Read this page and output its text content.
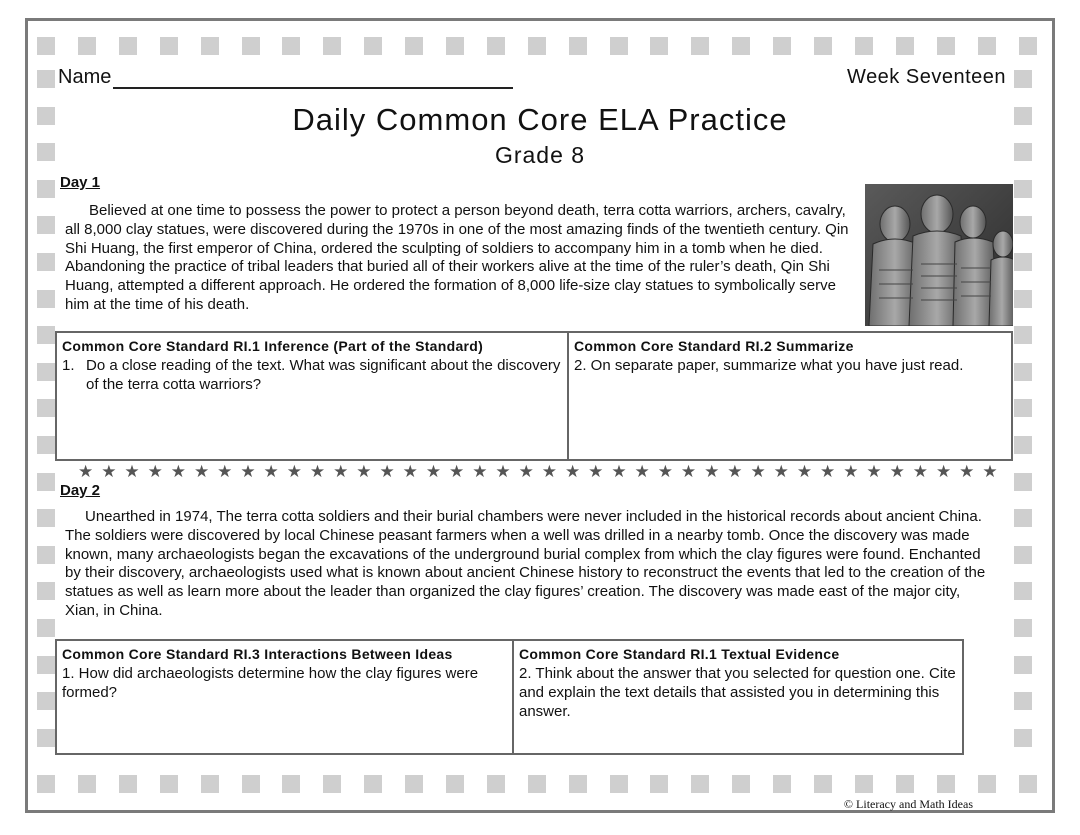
Name	Week Seventeen
Daily Common Core ELA Practice
Grade 8
Day 1

Believed at one time to possess the power to protect a person beyond death, terra cotta warriors, archers, cavalry, all 8,000 clay statues, were discovered during the 1970s in one of the most amazing finds of the twentieth century. Qin Shi Huang, the first emperor of China, ordered the sculpting of soldiers to accompany him in a tomb when he died. Abandoning the practice of tribal leaders that buried all of their workers alive at the time of the ruler’s death, Qin Shi Huang, attempted a different approach. He ordered the formation of 8,000 life-size clay statues to symbolically serve him at the time of his death.

Common Core Standard RI.1 Inference (Part of the Standard)
1. Do a close reading of the text. What was significant about the discovery of the terra cotta warriors?
Common Core Standard RI.2 Summarize
2. On separate paper, summarize what you have just read.
★ ★ ★ ★ ★ ★ ★ ★ ★ ★ ★ ★ ★ ★ ★ ★ ★ ★ ★ ★ ★ ★ ★ ★ ★ ★ ★ ★ ★ ★ ★ ★ ★ ★ ★ ★ ★ ★ ★ ★
Day 2

Unearthed in 1974, The terra cotta soldiers and their burial chambers were never included in the historical records about ancient China. The soldiers were discovered by local Chinese peasant farmers when a well was drilled in a nearby tomb. Once the discovery was made known, many archaeologists began the excavations of the underground burial complex from which the clay figures were found. Enchanted by their discovery, archaeologists used what is known about ancient Chinese history to reconstruct the events that led to the creation of the statues as well as learn more about the leader than organized the clay figures’ creation. The discovery was made east of the major city, Xian, in China.

Common Core Standard RI.3 Interactions Between Ideas
1. How did archaeologists determine how the clay figures were formed?
Common Core Standard RI.1 Textual Evidence
2. Think about the answer that you selected for question one. Cite and explain the text details that assisted you in determining this answer.
© Literacy and Math Ideas
